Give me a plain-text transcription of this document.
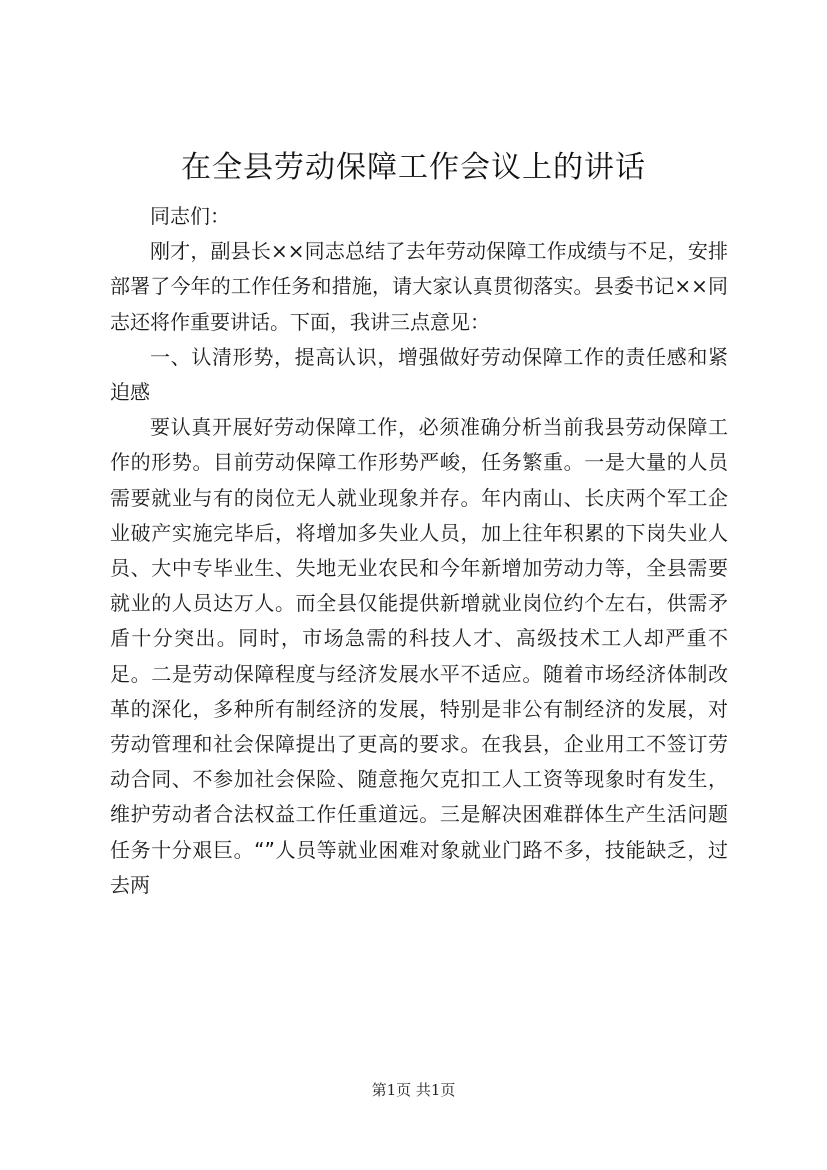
在全县劳动保障工作会议上的讲话

同志们：

刚才，副县长××同志总结了去年劳动保障工作成绩与不足，安排部署了今年的工作任务和措施，请大家认真贯彻落实。县委书记××同志还将作重要讲话。下面，我讲三点意见：

一、认清形势，提高认识，增强做好劳动保障工作的责任感和紧迫感

要认真开展好劳动保障工作，必须准确分析当前我县劳动保障工作的形势。目前劳动保障工作形势严峻，任务繁重。一是大量的人员需要就业与有的岗位无人就业现象并存。年内南山、长庆两个军工企业破产实施完毕后，将增加多失业人员，加上往年积累的下岗失业人员、大中专毕业生、失地无业农民和今年新增加劳动力等，全县需要就业的人员达万人。而全县仅能提供新增就业岗位约个左右，供需矛盾十分突出。同时，市场急需的科技人才、高级技术工人却严重不足。二是劳动保障程度与经济发展水平不适应。随着市场经济体制改革的深化，多种所有制经济的发展，特别是非公有制经济的发展，对劳动管理和社会保障提出了更高的要求。在我县，企业用工不签订劳动合同、不参加社会保险、随意拖欠克扣工人工资等现象时有发生，维护劳动者合法权益工作任重道远。三是解决困难群体生产生活问题任务十分艰巨。“”人员等就业困难对象就业门路不多，技能缺乏，过去两

第1页 共1页
